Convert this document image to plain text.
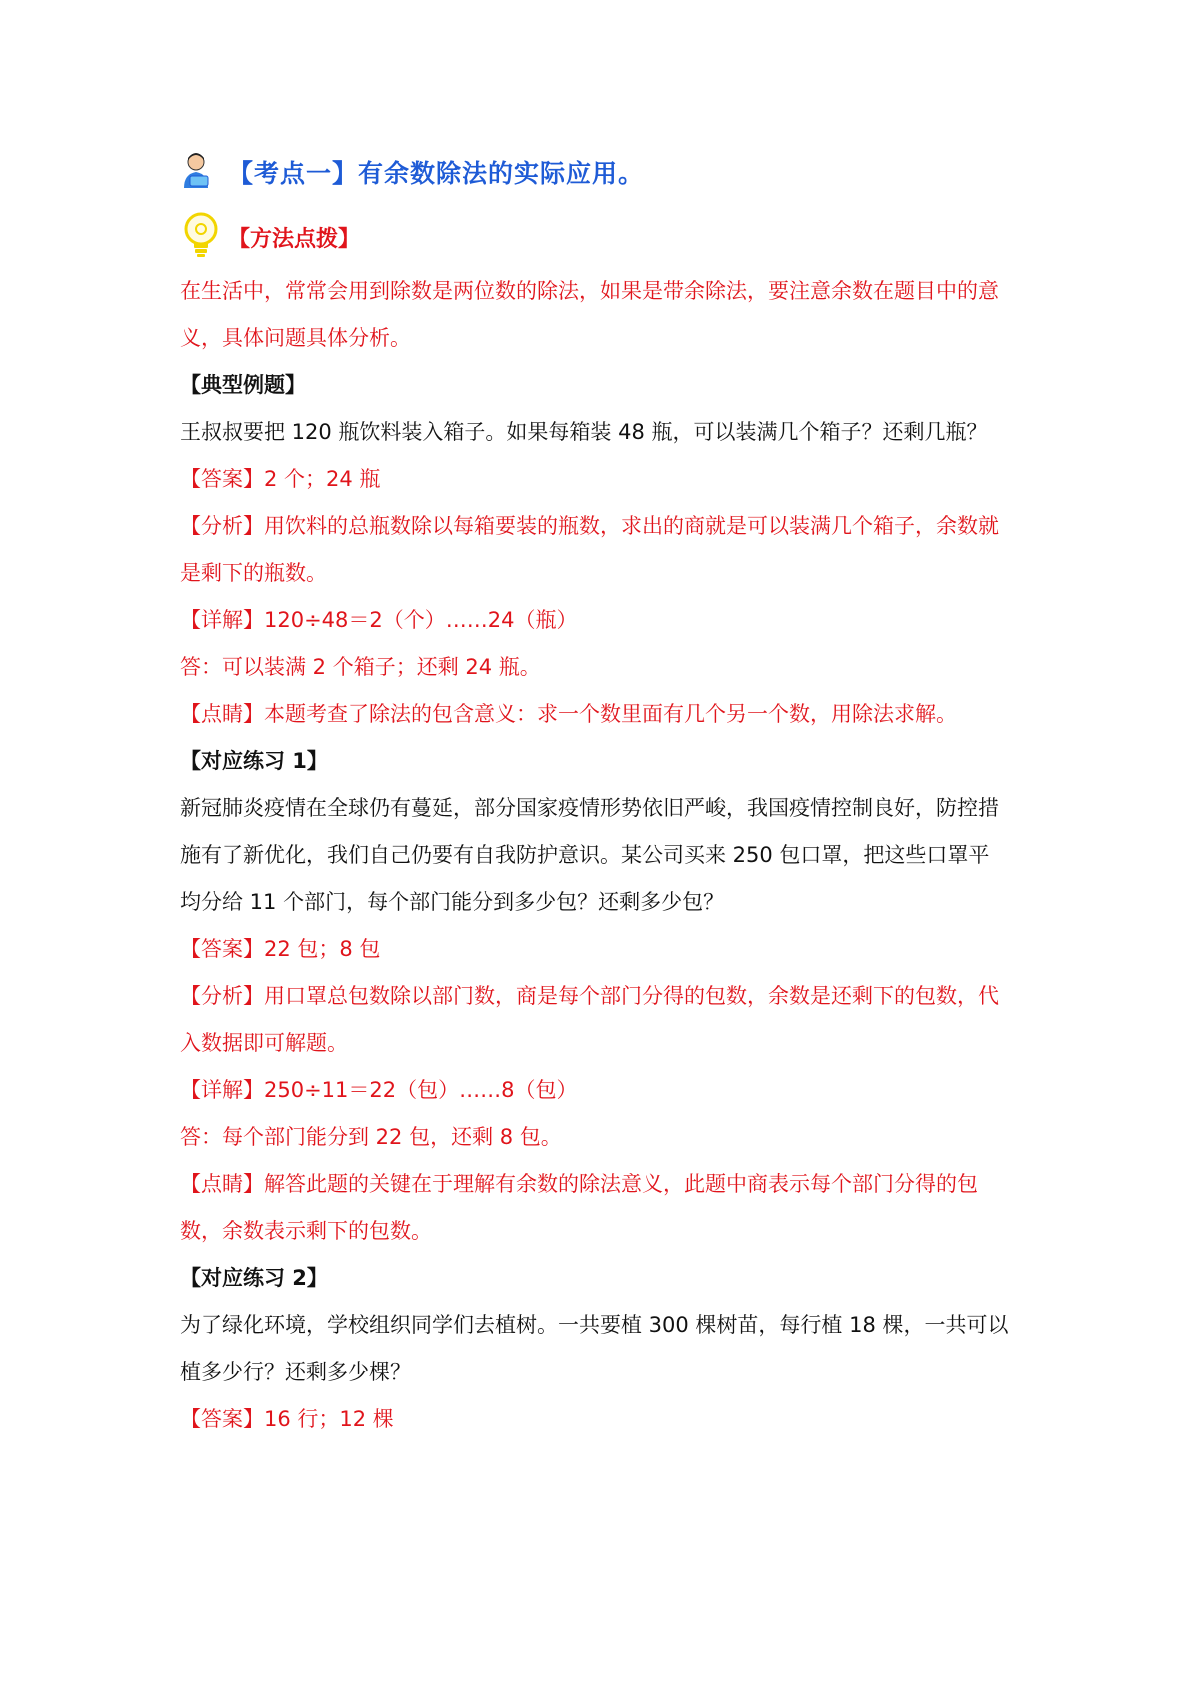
【考点一】有余数除法的实际应用。
【方法点拨】

在生活中，常常会用到除数是两位数的除法，如果是带余除法，要注意余数在题目中的意义，具体问题具体分析。

【典型例题】

王叔叔要把 120 瓶饮料装入箱子。如果每箱装 48 瓶，可以装满几个箱子？还剩几瓶？

【答案】2 个；24 瓶

【分析】用饮料的总瓶数除以每箱要装的瓶数，求出的商就是可以装满几个箱子，余数就是剩下的瓶数。

【详解】120÷48＝2（个）……24（瓶）

答：可以装满 2 个箱子；还剩 24 瓶。

【点睛】本题考查了除法的包含意义：求一个数里面有几个另一个数，用除法求解。

【对应练习 1】

新冠肺炎疫情在全球仍有蔓延，部分国家疫情形势依旧严峻，我国疫情控制良好，防控措施有了新优化，我们自己仍要有自我防护意识。某公司买来 250 包口罩，把这些口罩平均分给 11 个部门，每个部门能分到多少包？还剩多少包？

【答案】22 包；8 包

【分析】用口罩总包数除以部门数，商是每个部门分得的包数，余数是还剩下的包数，代入数据即可解题。

【详解】250÷11＝22（包）……8（包）

答：每个部门能分到 22 包，还剩 8 包。

【点睛】解答此题的关键在于理解有余数的除法意义，此题中商表示每个部门分得的包数，余数表示剩下的包数。

【对应练习 2】

为了绿化环境，学校组织同学们去植树。一共要植 300 棵树苗，每行植 18 棵，一共可以植多少行？还剩多少棵？

【答案】16 行；12 棵
